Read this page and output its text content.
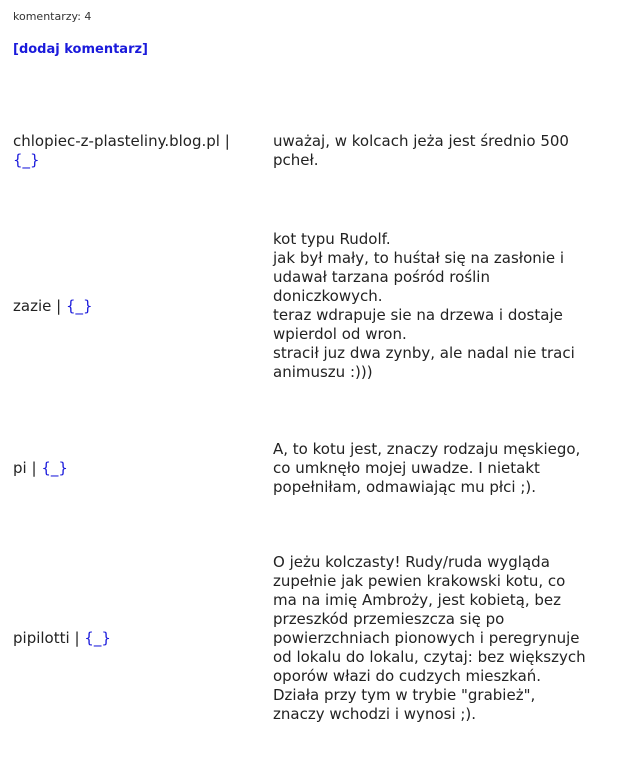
komentarzy: 4
[dodaj komentarz]
chlopiec-z-plasteliny.blog.pl |
{_}
uważaj, w kolcach jeża jest średnio 500
pcheł.
zazie | {_}
kot typu Rudolf.
jak był mały, to huśtał się na zasłonie i
udawał tarzana pośród roślin
doniczkowych.
teraz wdrapuje sie na drzewa i dostaje
wpierdol od wron.
stracił juz dwa zynby, ale nadal nie traci
animuszu :)))
pi | {_}
A, to kotu jest, znaczy rodzaju męskiego,
co umknęło mojej uwadze. I nietakt
popełniłam, odmawiając mu płci ;).
pipilotti | {_}
O jeżu kolczasty! Rudy/ruda wygląda
zupełnie jak pewien krakowski kotu, co
ma na imię Ambroży, jest kobietą, bez
przeszkód przemieszcza się po
powierzchniach pionowych i peregrynuje
od lokalu do lokalu, czytaj: bez większych
oporów włazi do cudzych mieszkań.
Działa przy tym w trybie "grabież",
znaczy wchodzi i wynosi ;).
